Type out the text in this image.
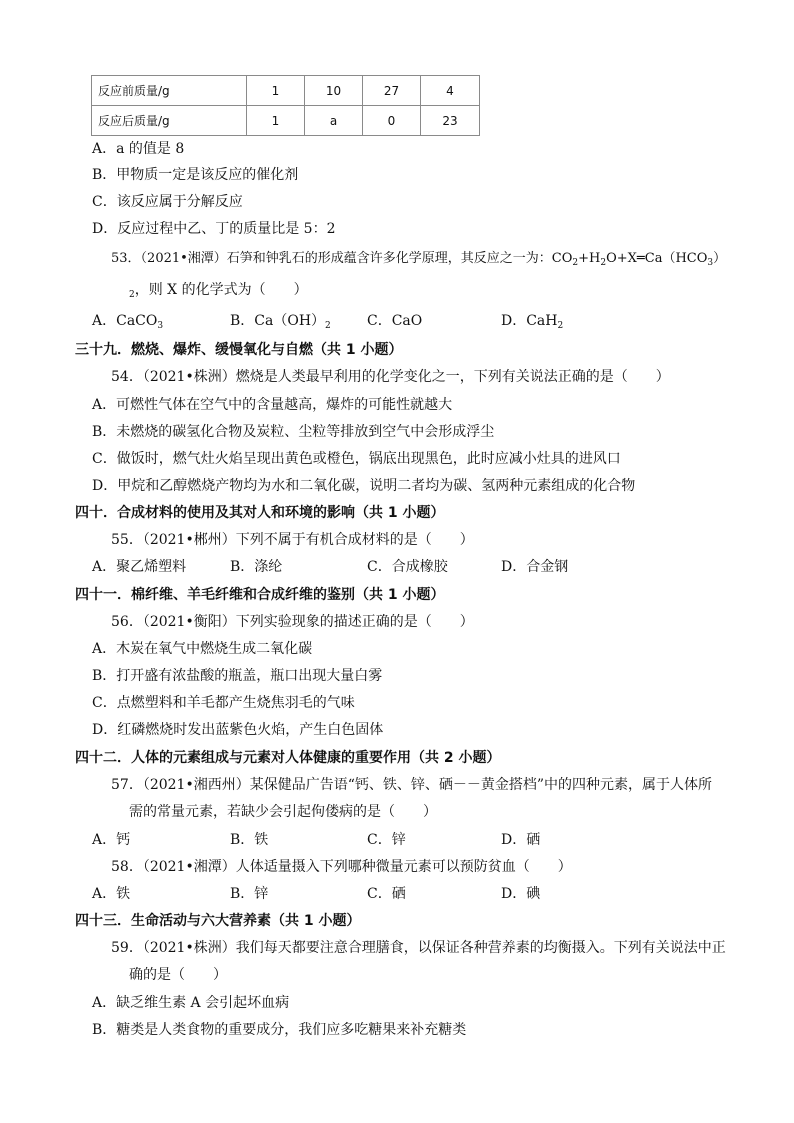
反应前质量/g	1	10	27	4
反应后质量/g	1	a	0	23
A．a 的值是 8
B．甲物质一定是该反应的催化剂
C．该反应属于分解反应
D．反应过程中乙、丁的质量比是 5：2
53．（2021•湘潭）石笋和钟乳石的形成蕴含许多化学原理，其反应之一为：$CO_2+H_2O+X═Ca(HCO_3)$
$_2$，则 X 的化学式为（　　）
A．CaCO$_3$	B．$Ca(OH)_2$	C．CaO	D．CaH$_2$
三十九．燃烧、爆炸、缓慢氧化与自燃（共 1 小题）
54．（2021•株洲）燃烧是人类最早利用的化学变化之一，下列有关说法正确的是（　　）
A．可燃性气体在空气中的含量越高，爆炸的可能性就越大
B．未燃烧的碳氢化合物及炭粒、尘粒等排放到空气中会形成浮尘
C．做饭时，燃气灶火焰呈现出黄色或橙色，锅底出现黑色，此时应减小灶具的进风口
D．甲烷和乙醇燃烧产物均为水和二氧化碳，说明二者均为碳、氢两种元素组成的化合物
四十．合成材料的使用及其对人和环境的影响（共 1 小题）
55．（2021•郴州）下列不属于有机合成材料的是（　　）
A．聚乙烯塑料	B．涤纶	C．合成橡胶	D．合金钢
四十一．棉纤维、羊毛纤维和合成纤维的鉴别（共 1 小题）
56．（2021•衡阳）下列实验现象的描述正确的是（　　）
A．木炭在氧气中燃烧生成二氧化碳
B．打开盛有浓盐酸的瓶盖，瓶口出现大量白雾
C．点燃塑料和羊毛都产生烧焦羽毛的气味
D．红磷燃烧时发出蓝紫色火焰，产生白色固体
四十二．人体的元素组成与元素对人体健康的重要作用（共 2 小题）
57．（2021•湘西州）某保健品广告语“钙、铁、锌、硒－－黄金搭档”中的四种元素，属于人体所
需的常量元素，若缺少会引起佝偻病的是（　　）
A．钙	B．铁	C．锌	D．硒
58．（2021•湘潭）人体适量摄入下列哪种微量元素可以预防贫血（　　）
A．铁	B．锌	C．硒	D．碘
四十三．生命活动与六大营养素（共 1 小题）
59．（2021•株洲）我们每天都要注意合理膳食，以保证各种营养素的均衡摄入。下列有关说法中正
确的是（　　）
A．缺乏维生素 A 会引起坏血病
B．糖类是人类食物的重要成分，我们应多吃糖果来补充糖类
